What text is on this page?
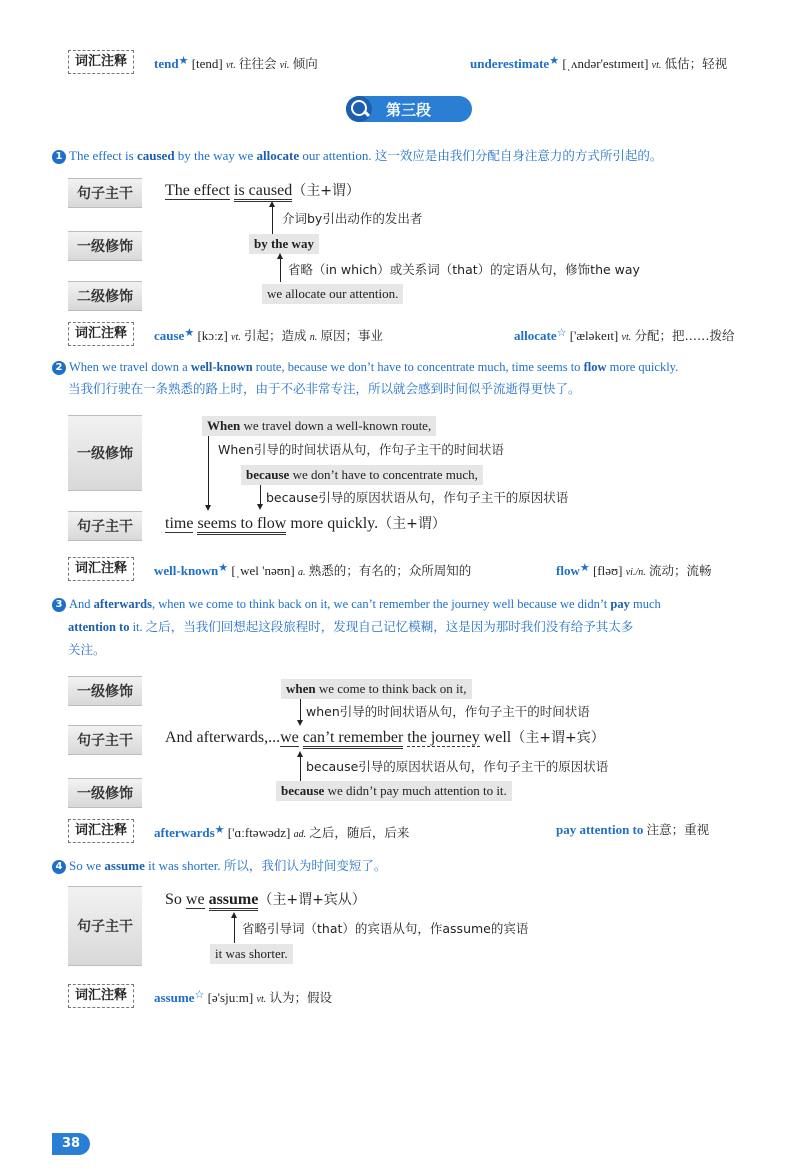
词汇注释	tend★ [tend] vt. 往往会 vi. 倾向	underestimate★ [ˌʌndər'estɪmeɪt] vt. 低估；轻视
第三段
1 The effect is caused by the way we allocate our attention. 这一效应是由我们分配自身注意力的方式所引起的。
句子主干	The effect is caused（主+谓）
介词by引出动作的发出者
一级修饰	by the way
省略（in which）或关系词（that）的定语从句，修饰the way
二级修饰	we allocate our attention.
词汇注释	cause★ [kɔːz] vt. 引起；造成 n. 原因；事业	allocate☆ ['æləkeɪt] vt. 分配；把……拨给
2 When we travel down a well-known route, because we don’t have to concentrate much, time seems to flow more quickly.
当我们行驶在一条熟悉的路上时，由于不必非常专注，所以就会感到时间似乎流逝得更快了。
一级修饰
When we travel down a well-known route,
When引导的时间状语从句，作句子主干的时间状语
because we don’t have to concentrate much,
because引导的原因状语从句，作句子主干的原因状语
句子主干	time seems to flow more quickly.（主+谓）
词汇注释	well-known★ [ˌwel 'nəʊn] a. 熟悉的；有名的；众所周知的	flow★ [fləʊ] vi./n. 流动；流畅
3 And afterwards, when we come to think back on it, we can’t remember the journey well because we didn’t pay much
attention to it. 之后，当我们回想起这段旅程时，发现自己记忆模糊，这是因为那时我们没有给予其太多
关注。
一级修饰	when we come to think back on it,
when引导的时间状语从句，作句子主干的时间状语
句子主干	And afterwards,...we can’t remember the journey well（主+谓+宾）
because引导的原因状语从句，作句子主干的原因状语
一级修饰	because we didn’t pay much attention to it.
词汇注释	afterwards★ ['ɑːftəwədz] ad. 之后，随后，后来	pay attention to 注意；重视
4 So we assume it was shorter. 所以，我们认为时间变短了。
句子主干
So we assume（主+谓+宾从）
省略引导词（that）的宾语从句，作assume的宾语
it was shorter.
词汇注释	assume☆ [ə'sjuːm] vt. 认为；假设
38
